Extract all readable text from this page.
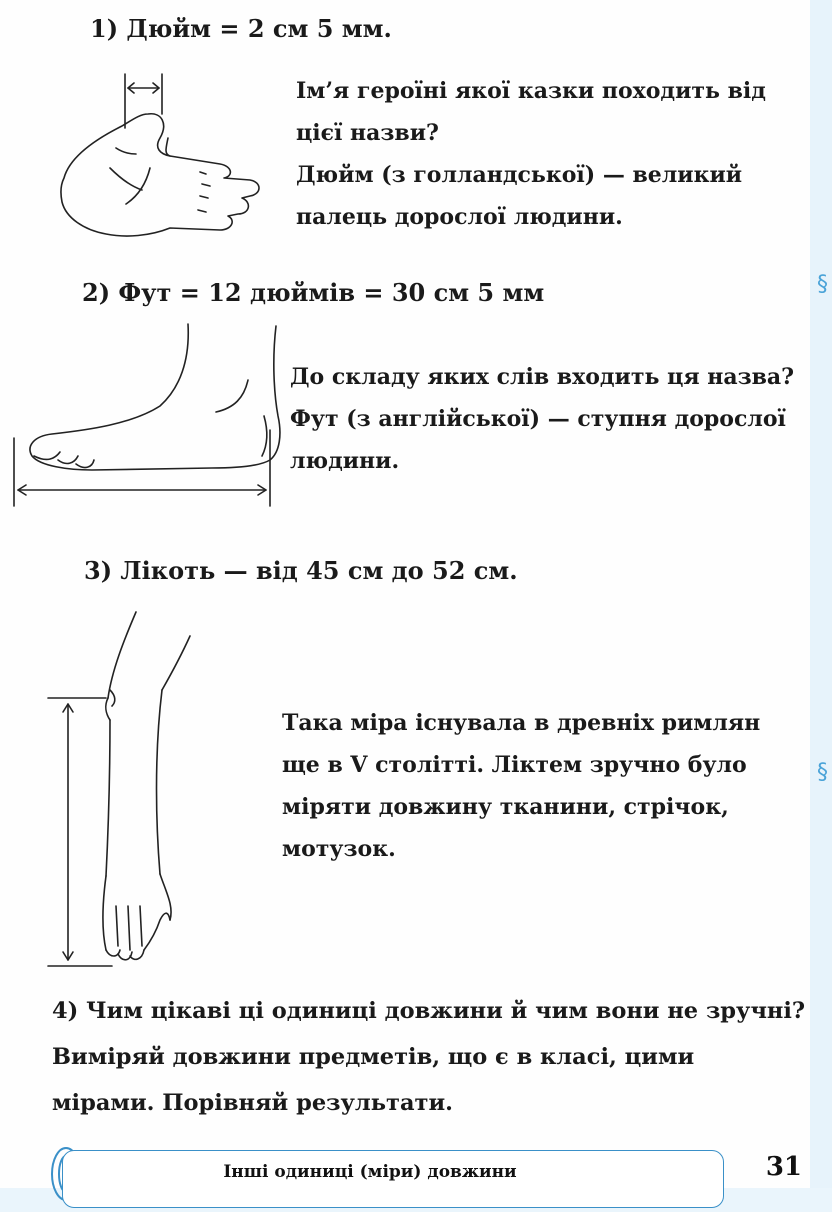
§
§
1) Дюйм = 2 см 5 мм.

Ім’я героїні якої казки походить від
цієї назви?
Дюйм (з голландської) — великий
палець дорослої людини.

2) Фут = 12 дюймів = 30 см 5 мм

До складу яких слів входить ця назва?
Фут (з англійської) — ступня дорослої
людини.

3) Лікоть — від 45 см до 52 см.

Така міра існувала в древніх римлян
ще в V столітті. Ліктем зручно було
міряти довжину тканини, стрічок,
мотузок.

4) Чим цікаві ці одиниці довжини й чим вони не зручні?
Виміряй довжини предметів, що є в класі, цими
мірами. Порівняй результати.

Інші одиниці (міри) довжини	31
